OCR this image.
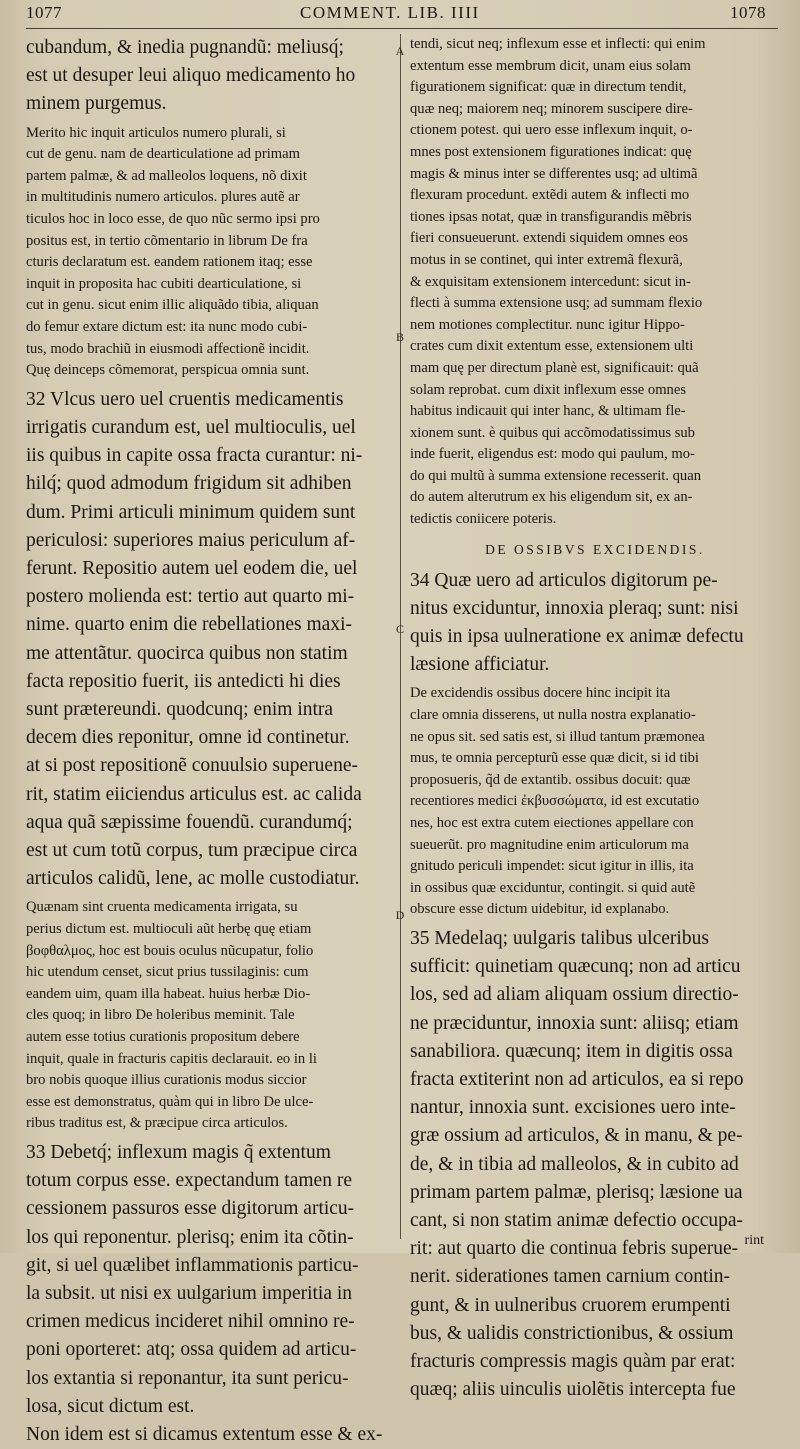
1077	COMMENT. LIB. IIII	1078
cubandum, & inedia pugnandũ: meliusq́;
est ut desuper leui aliquo medicamento ho
minem purgemus.
Merito hic inquit articulos numero plurali, si
cut de genu. nam de dearticulatione ad primam
partem palmæ, & ad malleolos loquens, nõ dixit
in multitudinis numero articulos. plures autẽ ar
ticulos hoc in loco esse, de quo nũc sermo ipsi pro
positus est, in tertio cõmentario in librum De fra
cturis declaratum est. eandem rationem itaq; esse
inquit in proposita hac cubiti dearticulatione, si
cut in genu. sicut enim illic aliquãdo tibia, aliquan
do femur extare dictum est: ita nunc modo cubi-
tus, modo brachiũ in eiusmodi affectionẽ incidit.
Quę deinceps cõmemorat, perspicua omnia sunt.
32 Vlcus uero uel cruentis medicamentis
irrigatis curandum est, uel multioculis, uel
iis quibus in capite ossa fracta curantur: ni-
hilq́; quod admodum frigidum sit adhiben
dum. Primi articuli minimum quidem sunt
periculosi: superiores maius periculum af-
ferunt. Repositio autem uel eodem die, uel
postero molienda est: tertio aut quarto mi-
nime. quarto enim die rebellationes maxi-
me attentãtur. quocirca quibus non statim
facta repositio fuerit, iis antedicti hi dies
sunt prætereundi. quodcunq; enim intra
decem dies reponitur, omne id continetur.
at si post repositionẽ conuulsio superuene-
rit, statim eiiciendus articulus est. ac calida
aqua quã sæpissime fouendũ. curandumq́;
est ut cum totũ corpus, tum præcipue circa
articulos calidũ, lene, ac molle custodiatur.
Quænam sint cruenta medicamenta irrigata, su
perius dictum est. multioculi aũt herbę quę etiam
βοφθαλμος, hoc est bouis oculus nũcupatur, folio
hic utendum censet, sicut prius tussilaginis: cum
eandem uim, quam illa habeat. huius herbæ Dio-
cles quoq; in libro De holeribus meminit. Tale
autem esse totius curationis propositum debere
inquit, quale in fracturis capitis declarauit. eo in li
bro nobis quoque illius curationis modus siccior
esse est demonstratus, quàm qui in libro De ulce-
ribus traditus est, & præcipue circa articulos.
33 Debetq́; inflexum magis q̃ extentum
totum corpus esse. expectandum tamen re
cessionem passuros esse digitorum articu-
los qui reponentur. plerisq; enim ita cõtin-
git, si uel quælibet inflammationis particu-
la subsit. ut nisi ex uulgarium imperitia in
crimen medicus incideret nihil omnino re-
poni oporteret: atq; ossa quidem ad articu-
los extantia si reponantur, ita sunt pericu-
losa, sicut dictum est.
Non idem est si dicamus extentum esse & ex-
tendi, sicut neq; inflexum esse et inflecti: qui enim
extentum esse membrum dicit, unam eius solam
figurationem significat: quæ in directum tendit,
quæ neq; maiorem neq; minorem suscipere dire-
ctionem potest. qui uero esse inflexum inquit, o-
mnes post extensionem figurationes indicat: quę
magis & minus inter se differentes usq; ad ultimã
flexuram procedunt. extẽdi autem & inflecti mo
tiones ipsas notat, quæ in transfigurandis mẽbris
fieri consueuerunt. extendi siquidem omnes eos
motus in se continet, qui inter extremã flexurã,
& exquisitam extensionem intercedunt: sicut in-
flecti à summa extensione usq; ad summam flexio
nem motiones complectitur. nunc igitur Hippo-
crates cum dixit extentum esse, extensionem ulti
mam quę per directum planè est, significauit: quã
solam reprobat. cum dixit inflexum esse omnes
habitus indicauit qui inter hanc, & ultimam fle-
xionem sunt. è quibus qui accõmodatissimus sub
inde fuerit, eligendus est: modo qui paulum, mo-
do qui multũ à summa extensione recesserit. quan
do autem alterutrum ex his eligendum sit, ex an-
tedictis coniicere poteris.
DE OSSIBVS EXCIDENDIS.
34 Quæ uero ad articulos digitorum pe-
nitus exciduntur, innoxia pleraq; sunt: nisi
quis in ipsa uulneratione ex animæ defectu
læsione afficiatur.
De excidendis ossibus docere hinc incipit ita
clare omnia disserens, ut nulla nostra explanatio-
ne opus sit. sed satis est, si illud tantum præmonea
mus, te omnia percepturũ esse quæ dicit, si id tibi
proposueris, q̃d de extantib. ossibus docuit: quæ
recentiores medici ἐκβυσσώματα, id est excutatio
nes, hoc est extra cutem eiectiones appellare con
sueuerũt. pro magnitudine enim articulorum ma
gnitudo periculi impendet: sicut igitur in illis, ita
in ossibus quæ exciduntur, contingit. si quid autẽ
obscure esse dictum uidebitur, id explanabo.
35 Medelaq; uulgaris talibus ulceribus
sufficit: quinetiam quæcunq; non ad articu
los, sed ad aliam aliquam ossium directio-
ne præciduntur, innoxia sunt: aliisq; etiam
sanabiliora. quæcunq; item in digitis ossa
fracta extiterint non ad articulos, ea si repo
nantur, innoxia sunt. excisiones uero inte-
græ ossium ad articulos, & in manu, & pe-
de, & in tibia ad malleolos, & in cubito ad
primam partem palmæ, plerisq; læsione ua
cant, si non statim animæ defectio occupa-
rit: aut quarto die continua febris superue-
nerit. siderationes tamen carnium contin-
gunt, & in uulneribus cruorem erumpenti
bus, & ualidis constrictionibus, & ossium
fracturis compressis magis quàm par erat:
quæq; aliis uinculis uiolẽtis intercepta fue
A
B
C
D
rint
